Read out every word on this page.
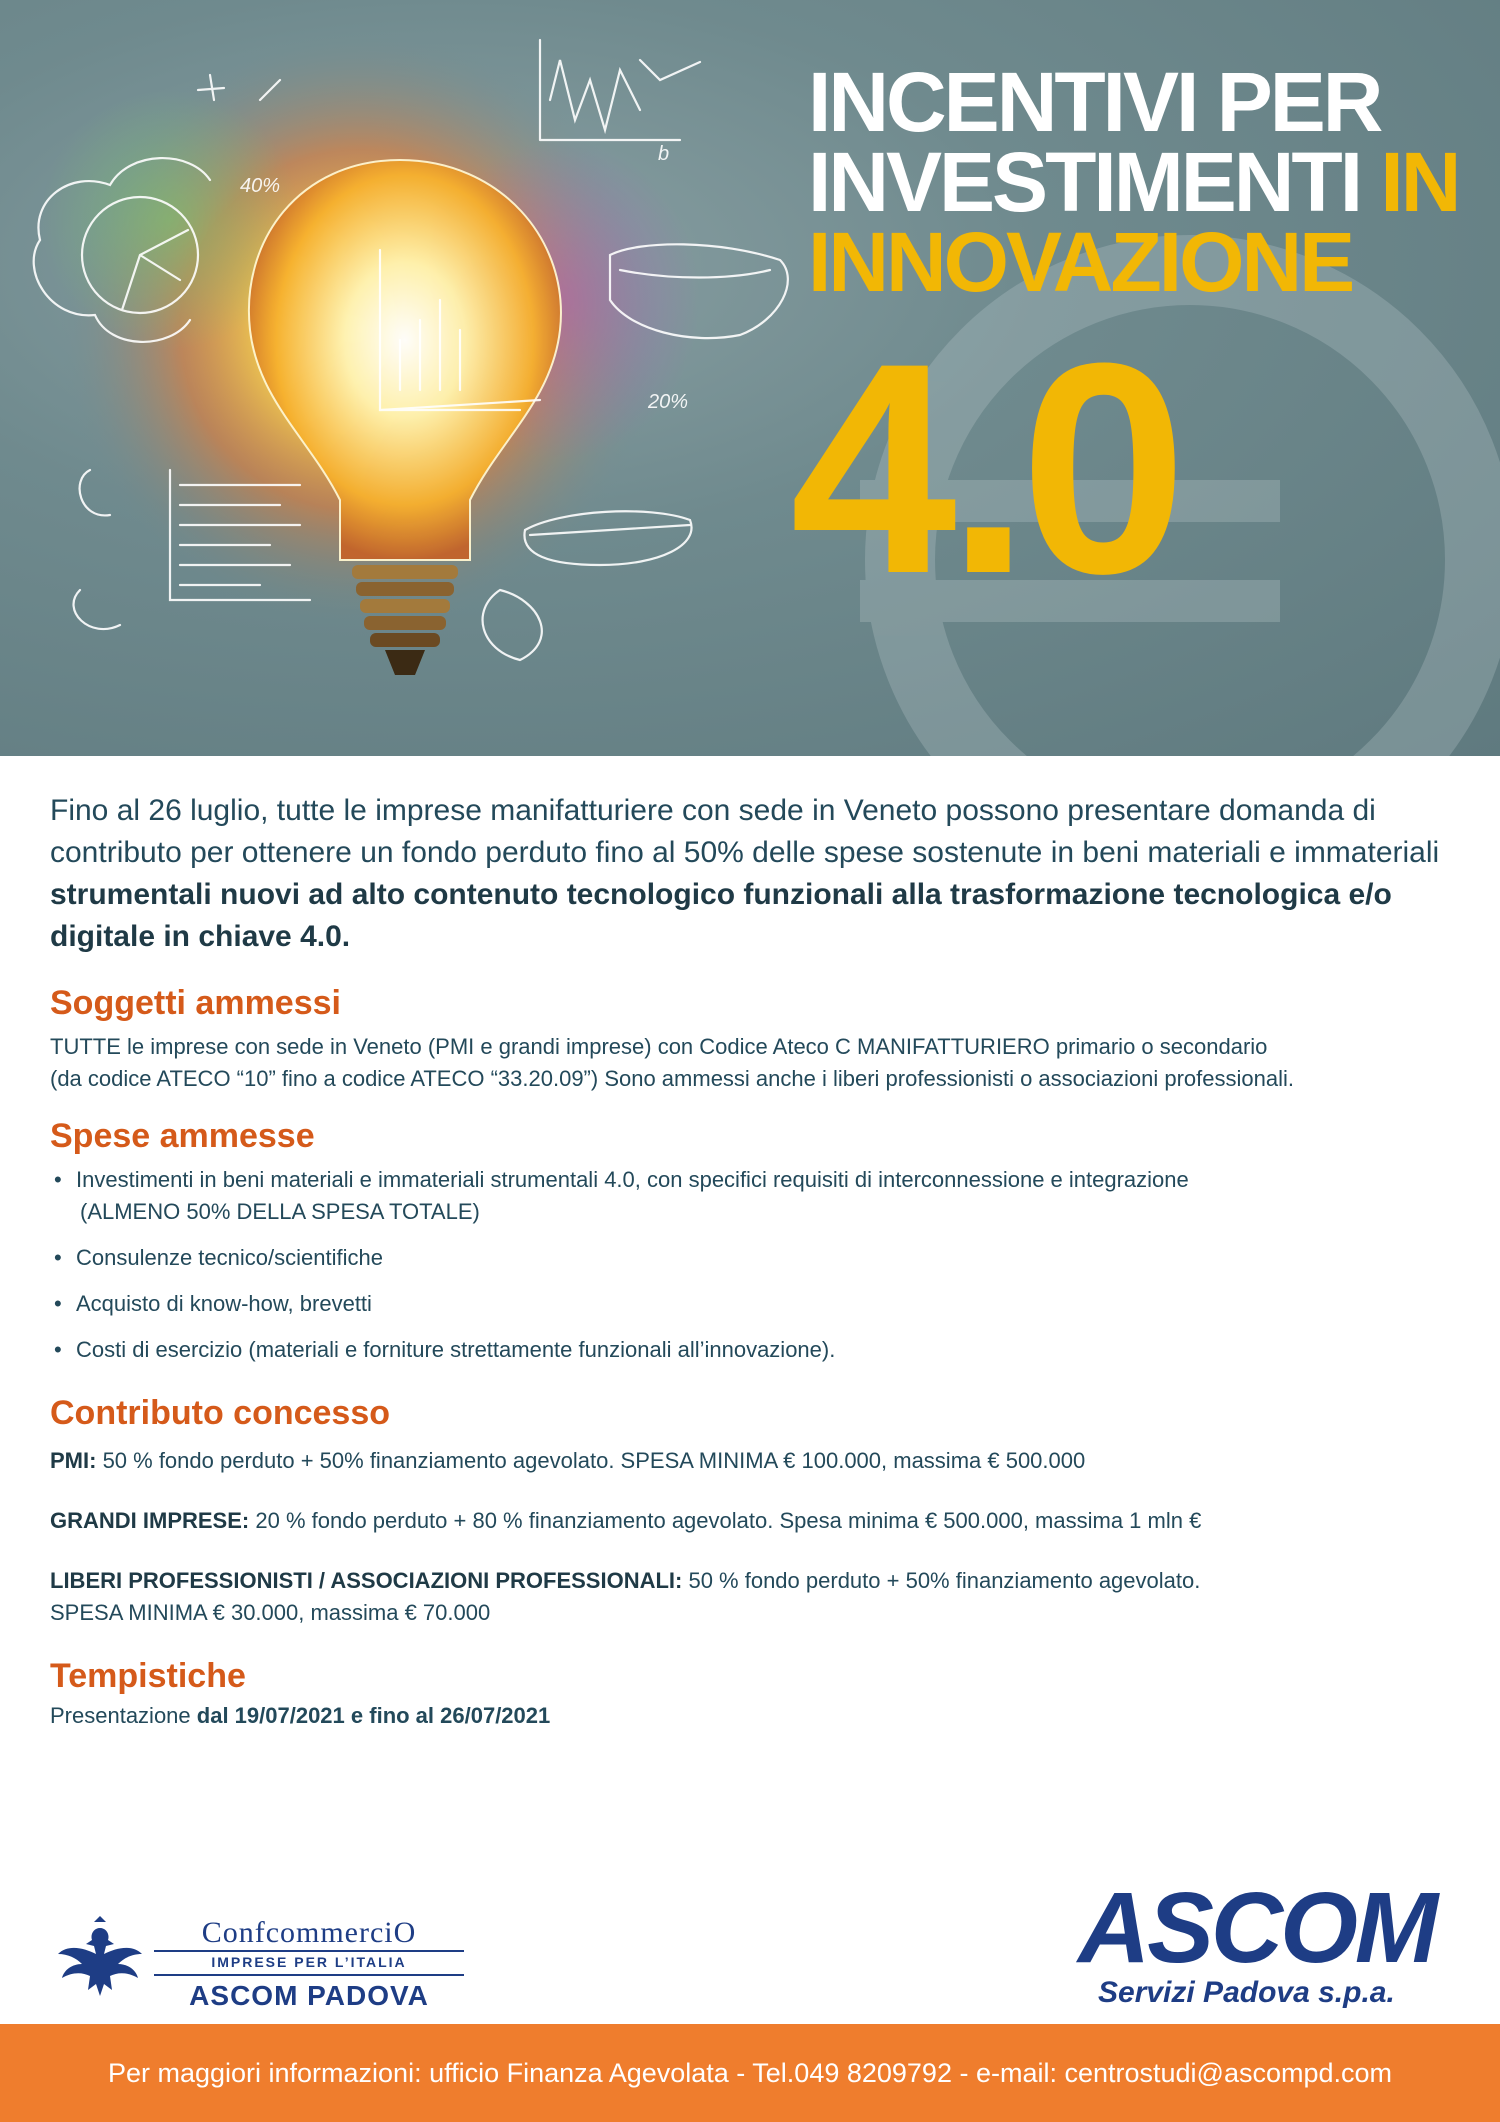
40%
20%
b
INCENTIVI PER
INVESTIMENTI IN
INNOVAZIONE
4.0

Fino al 26 luglio, tutte le imprese manifatturiere con sede in Veneto possono presentare domanda di contributo per ottenere un fondo perduto fino al 50% delle spese sostenute in beni materiali e immateriali strumentali nuovi ad alto contenuto tecnologico funzionali alla trasformazione tecnologica e/o digitale in chiave 4.0.

Soggetti ammessi

TUTTE le imprese con sede in Veneto (PMI e grandi imprese) con Codice Ateco C MANIFATTURIERO primario o secondario

(da codice ATECO “10” fino a codice ATECO “33.20.09”) Sono ammessi anche i liberi professionisti o associazioni professionali.

Spese ammesse
• Investimenti in beni materiali e immateriali strumentali 4.0, con specifici requisiti di interconnessione e integrazione
(ALMENO 50% DELLA SPESA TOTALE)
• Consulenze tecnico/scientifiche
• Acquisto di know-how, brevetti
• Costi di esercizio (materiali e forniture strettamente funzionali all’innovazione).
Contributo concesso

PMI: 50 % fondo perduto + 50% finanziamento agevolato. SPESA MINIMA € 100.000, massima € 500.000

GRANDI IMPRESE: 20 % fondo perduto + 80 % finanziamento agevolato. Spesa minima € 500.000, massima 1 mln €

LIBERI PROFESSIONISTI / ASSOCIAZIONI PROFESSIONALI: 50 % fondo perduto + 50% finanziamento agevolato.
SPESA MINIMA € 30.000, massima € 70.000

Tempistiche

Presentazione dal 19/07/2021 e fino al 26/07/2021

ConfcommerciO
IMPRESE PER L’ITALIA
ASCOM PADOVA
ASCOM
Servizi Padova s.p.a.
Per maggiori informazioni: ufficio Finanza Agevolata - Tel.049 8209792 - e-mail: centrostudi@ascompd.com
